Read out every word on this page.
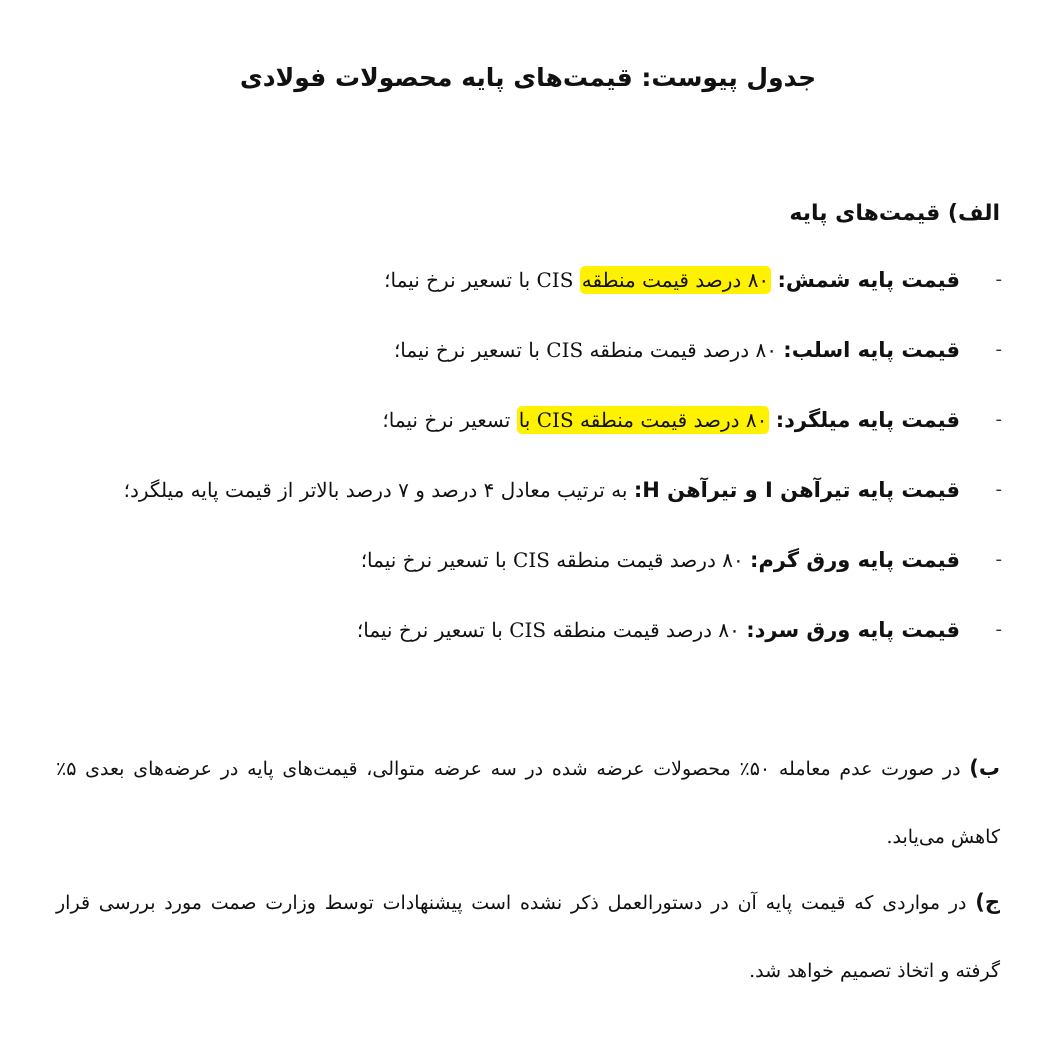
جدول پیوست: قیمت‌های پایه محصولات فولادی
الف) قیمت‌های پایه
-
قیمت پایه شمش: ۸۰ درصد قیمت منطقه CIS با تسعیر نرخ نیما؛
-
قیمت پایه اسلب: ۸۰ درصد قیمت منطقه CIS با تسعیر نرخ نیما؛
-
قیمت پایه میلگرد: ۸۰ درصد قیمت منطقه CIS با تسعیر نرخ نیما؛
-
قیمت پایه تیرآهن I و تیرآهن H: به ترتیب معادل ۴ درصد و ۷ درصد بالاتر از قیمت پایه میلگرد؛
-
قیمت پایه ورق گرم: ۸۰ درصد قیمت منطقه CIS با تسعیر نرخ نیما؛
-
قیمت پایه ورق سرد: ۸۰ درصد قیمت منطقه CIS با تسعیر نرخ نیما؛

ب) در صورت عدم معامله ۵۰٪ محصولات عرضه شده در سه عرضه متوالی، قیمت‌های پایه در عرضه‌های بعدی ۵٪ کاهش می‌یابد.

ج) در مواردی که قیمت پایه آن در دستورالعمل ذکر نشده است پیشنهادات توسط وزارت صمت مورد بررسی قرار گرفته و اتخاذ تصمیم خواهد شد.
